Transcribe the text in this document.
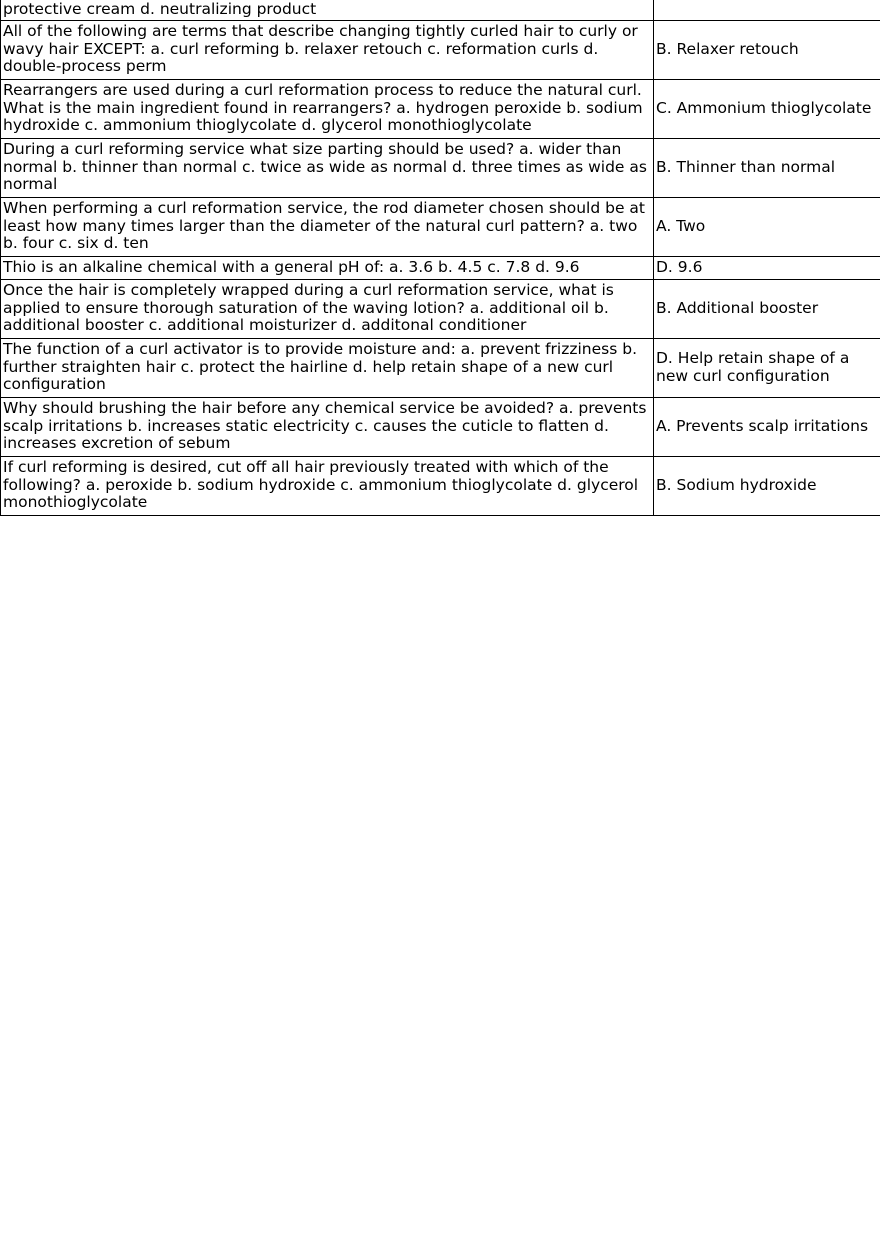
protective cream d. neutralizing product	
All of the following are terms that describe changing tightly curled hair to curly or wavy hair EXCEPT: a. curl reforming b. relaxer retouch c. reformation curls d. double-process perm	B. Relaxer retouch
Rearrangers are used during a curl reformation process to reduce the natural curl. What is the main ingredient found in rearrangers? a. hydrogen peroxide b. sodium hydroxide c. ammonium thioglycolate d. glycerol monothioglycolate	C. Ammonium thioglycolate
During a curl reforming service what size parting should be used? a. wider than normal b. thinner than normal c. twice as wide as normal d. three times as wide as normal	B. Thinner than normal
When performing a curl reformation service, the rod diameter chosen should be at least how many times larger than the diameter of the natural curl pattern? a. two b. four c. six d. ten	A. Two
Thio is an alkaline chemical with a general pH of: a. 3.6 b. 4.5 c. 7.8 d. 9.6	D. 9.6
Once the hair is completely wrapped during a curl reformation service, what is applied to ensure thorough saturation of the waving lotion? a. additional oil b. additional booster c. additional moisturizer d. additonal conditioner	B. Additional booster
The function of a curl activator is to provide moisture and: a. prevent frizziness b. further straighten hair c. protect the hairline d. help retain shape of a new curl configuration	D. Help retain shape of a new curl configuration
Why should brushing the hair before any chemical service be avoided? a. prevents scalp irritations b. increases static electricity c. causes the cuticle to flatten d. increases excretion of sebum	A. Prevents scalp irritations
If curl reforming is desired, cut off all hair previously treated with which of the following? a. peroxide b. sodium hydroxide c. ammonium thioglycolate d. glycerol monothioglycolate	B. Sodium hydroxide
